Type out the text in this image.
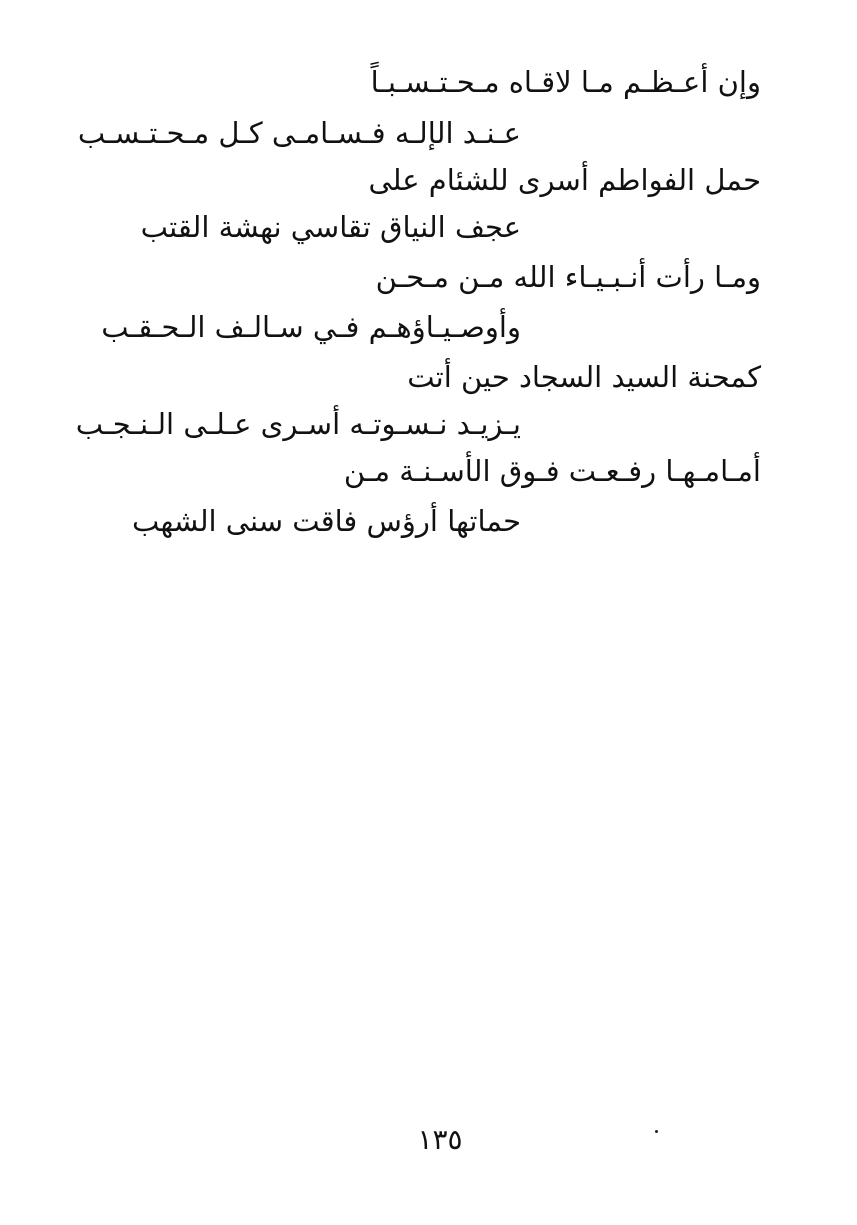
وإن أعـظـم مـا لاقـاه مـحـتـسـبـاً
عـنـد الإلـه فـسـامـى كـل مـحـتـسـب
حمل الفواطم أسرى للشئام على
عجف النياق تقاسي نهشة القتب
ومـا رأت أنـبـيـاء الله مـن مـحـن
وأوصـيـاؤهـم فـي سـالـف الـحـقـب
كمحنة السيد السجاد حين أتت
يـزيـد نـسـوتـه أسـرى عـلـى الـنـجـب
أمـامـهـا رفـعـت فـوق الأسـنـة مـن
حماتها أرؤس فاقت سنى الشهب
١٣٥
